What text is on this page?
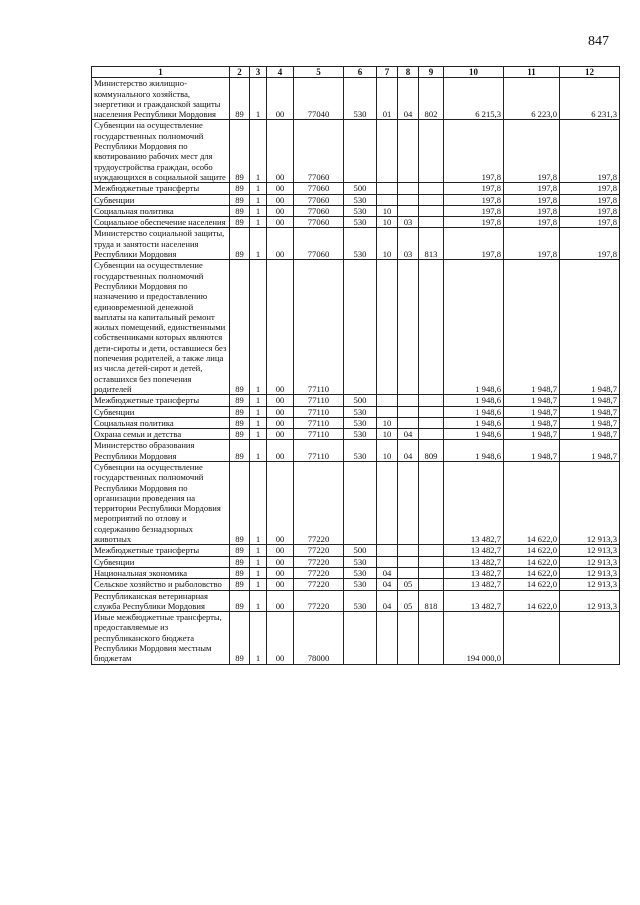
847
1	2	3	4	5	6	7	8	9	10	11	12
Министерство жилищно-коммунального хозяйства, энергетики и гражданской защиты населения Республики Мордовия	89	1	00	77040	530	01	04	802	6 215,3	6 223,0	6 231,3
Субвенции на осуществление государственных полномочий Республики Мордовия по квотированию рабочих мест для трудоустройства граждан, особо нуждающихся в социальной защите	89	1	00	77060					197,8	197,8	197,8
Межбюджетные трансферты	89	1	00	77060	500				197,8	197,8	197,8
Субвенции	89	1	00	77060	530				197,8	197,8	197,8
Социальная политика	89	1	00	77060	530	10			197,8	197,8	197,8
Социальное обеспечение населения	89	1	00	77060	530	10	03		197,8	197,8	197,8
Министерство социальной защиты, труда и занятости населения Республики Мордовия	89	1	00	77060	530	10	03	813	197,8	197,8	197,8
Субвенции на осуществление государственных полномочий Республики Мордовия по назначению и предоставлению единовременной денежной выплаты на капитальный ремонт жилых помещений, единственными собственниками которых являются дети-сироты и дети, оставшиеся без попечения родителей, а также лица из числа детей-сирот и детей, оставшихся без попечения родителей	89	1	00	77110					1 948,6	1 948,7	1 948,7
Межбюджетные трансферты	89	1	00	77110	500				1 948,6	1 948,7	1 948,7
Субвенции	89	1	00	77110	530				1 948,6	1 948,7	1 948,7
Социальная политика	89	1	00	77110	530	10			1 948,6	1 948,7	1 948,7
Охрана семьи и детства	89	1	00	77110	530	10	04		1 948,6	1 948,7	1 948,7
Министерство образования Республики Мордовия	89	1	00	77110	530	10	04	809	1 948,6	1 948,7	1 948,7
Субвенции на осуществление государственных полномочий Республики Мордовия по организации проведения на территории Республики Мордовия мероприятий по отлову и содержанию безнадзорных животных	89	1	00	77220					13 482,7	14 622,0	12 913,3
Межбюджетные трансферты	89	1	00	77220	500				13 482,7	14 622,0	12 913,3
Субвенции	89	1	00	77220	530				13 482,7	14 622,0	12 913,3
Национальная экономика	89	1	00	77220	530	04			13 482,7	14 622,0	12 913,3
Сельское хозяйство и рыболовство	89	1	00	77220	530	04	05		13 482,7	14 622,0	12 913,3
Республиканская ветеринарная служба Республики Мордовия	89	1	00	77220	530	04	05	818	13 482,7	14 622,0	12 913,3
Иные межбюджетные трансферты, предоставляемые из республиканского бюджета Республики Мордовия местным бюджетам	89	1	00	78000					194 000,0		
